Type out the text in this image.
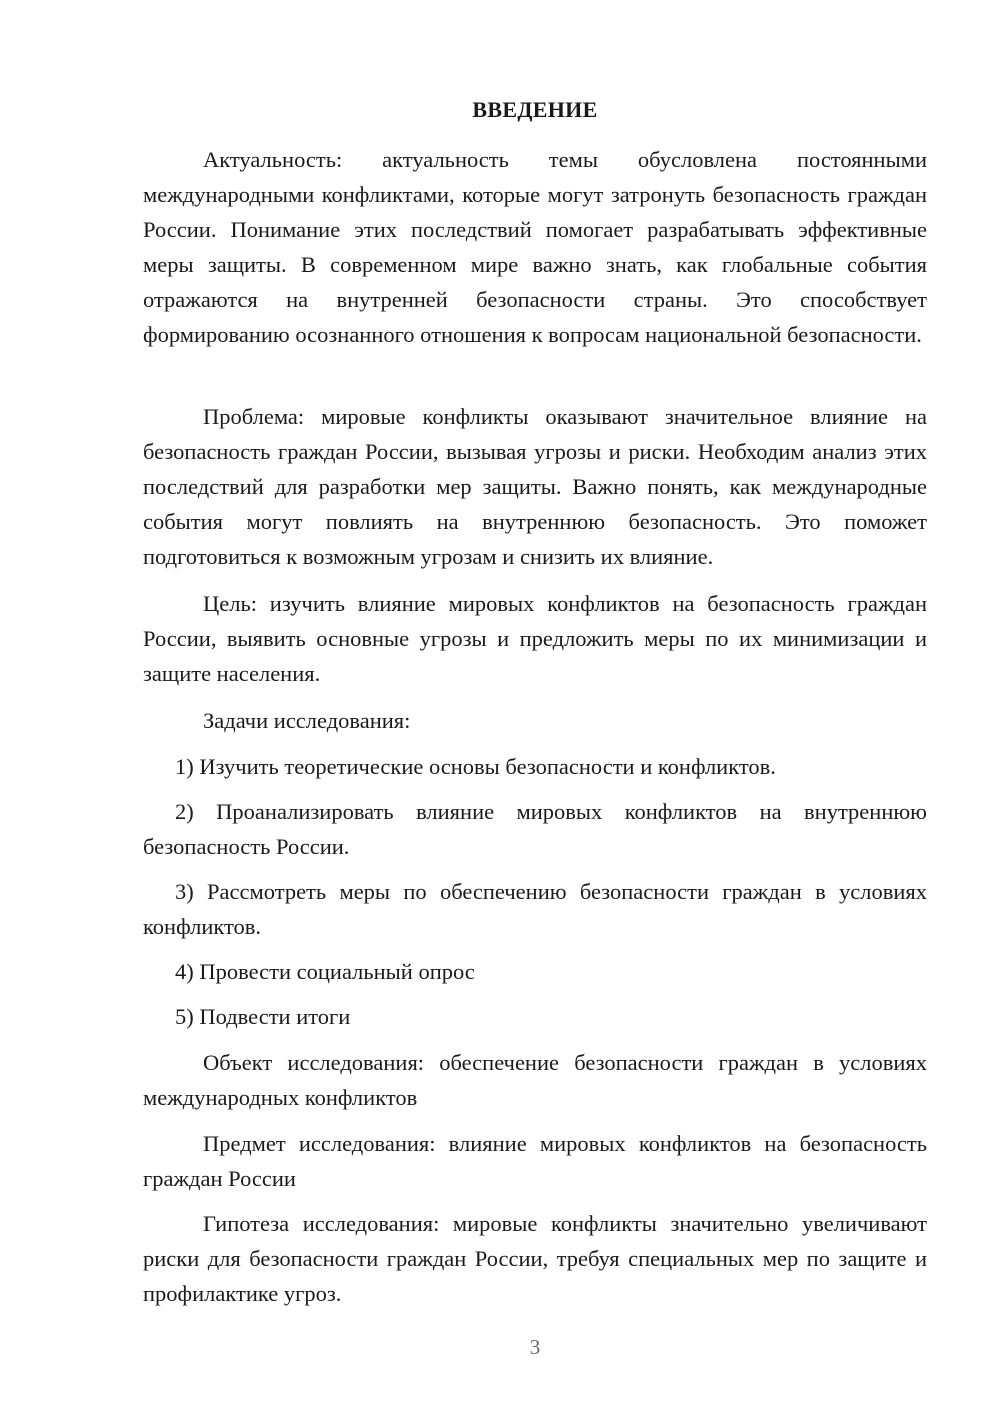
ВВЕДЕНИЕ

Актуальность: актуальность темы обусловлена постоянными международными конфликтами, которые могут затронуть безопасность граждан России. Понимание этих последствий помогает разрабатывать эффективные меры защиты. В современном мире важно знать, как глобальные события отражаются на внутренней безопасности страны. Это способствует формированию осознанного отношения к вопросам национальной безопасности.

Проблема: мировые конфликты оказывают значительное влияние на безопасность граждан России, вызывая угрозы и риски. Необходим анализ этих последствий для разработки мер защиты. Важно понять, как международные события могут повлиять на внутреннюю безопасность. Это поможет подготовиться к возможным угрозам и снизить их влияние.

Цель: изучить влияние мировых конфликтов на безопасность граждан России, выявить основные угрозы и предложить меры по их минимизации и защите населения.

Задачи исследования:

1) Изучить теоретические основы безопасности и конфликтов.

2) Проанализировать влияние мировых конфликтов на внутреннюю безопасность России.

3) Рассмотреть меры по обеспечению безопасности граждан в условиях конфликтов.

4) Провести социальный опрос

5) Подвести итоги

Объект исследования: обеспечение безопасности граждан в условиях международных конфликтов

Предмет исследования: влияние мировых конфликтов на безопасность граждан России

Гипотеза исследования: мировые конфликты значительно увеличивают риски для безопасности граждан России, требуя специальных мер по защите и профилактике угроз.

3
